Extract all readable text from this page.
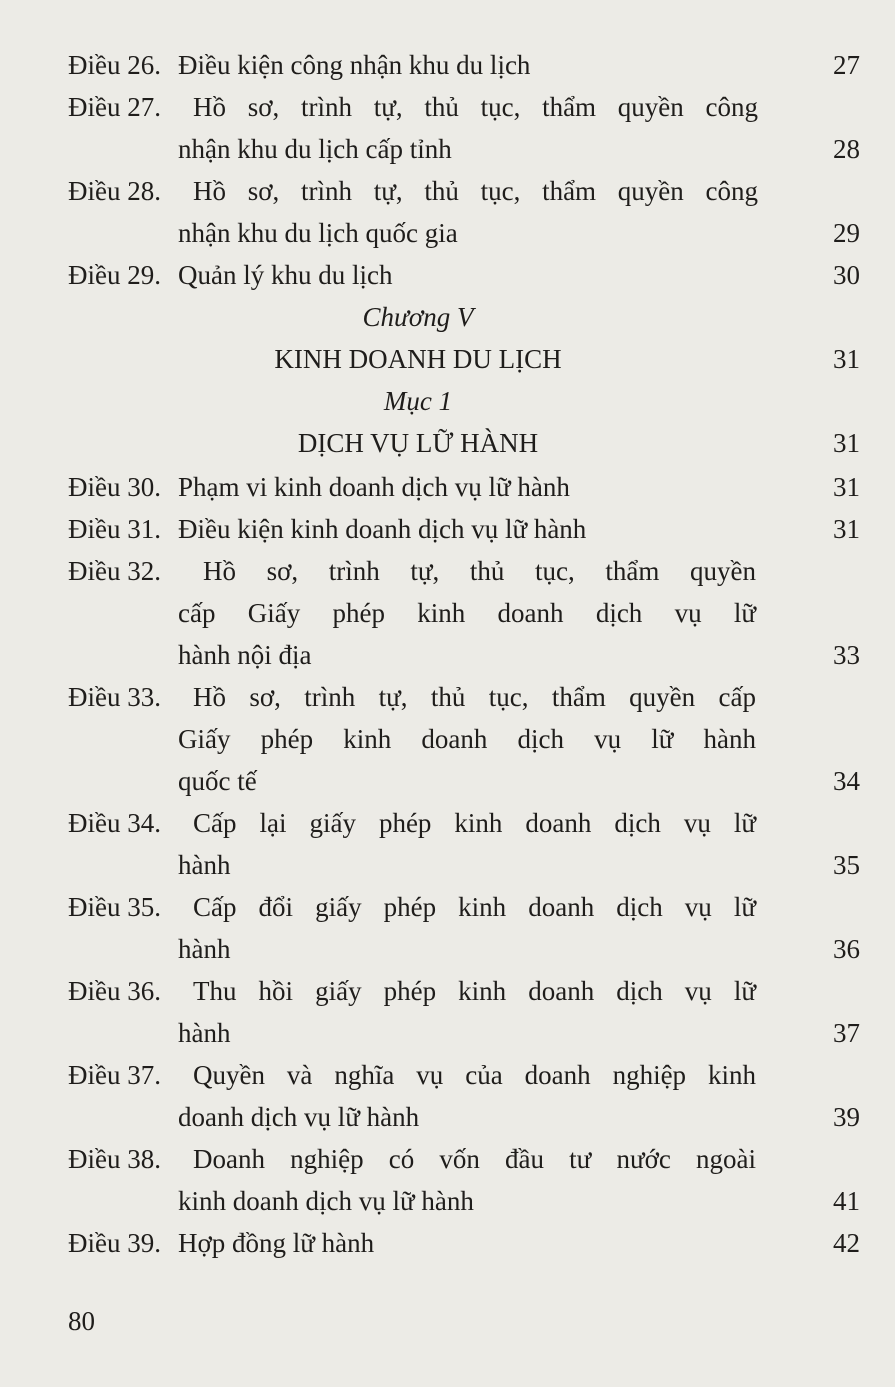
Điều 26. Điều kiện công nhận khu du lịch	27
Điều 27. Hồ sơ, trình tự, thủ tục, thẩm quyền công
nhận khu du lịch cấp tỉnh	28
Điều 28. Hồ sơ, trình tự, thủ tục, thẩm quyền công
nhận khu du lịch quốc gia	29
Điều 29. Quản lý khu du lịch	30
Chương V
KINH DOANH DU LỊCH	31
Mục 1
DỊCH VỤ LỮ HÀNH	31
Điều 30. Phạm vi kinh doanh dịch vụ lữ hành	31
Điều 31. Điều kiện kinh doanh dịch vụ lữ hành	31
Điều 32. Hồ sơ, trình tự, thủ tục, thẩm quyền
cấp Giấy phép kinh doanh dịch vụ lữ
hành nội địa	33
Điều 33. Hồ sơ, trình tự, thủ tục, thẩm quyền cấp
Giấy phép kinh doanh dịch vụ lữ hành
quốc tế	34
Điều 34. Cấp lại giấy phép kinh doanh dịch vụ lữ
hành	35
Điều 35. Cấp đổi giấy phép kinh doanh dịch vụ lữ
hành	36
Điều 36. Thu hồi giấy phép kinh doanh dịch vụ lữ
hành	37
Điều 37. Quyền và nghĩa vụ của doanh nghiệp kinh
doanh dịch vụ lữ hành	39
Điều 38. Doanh nghiệp có vốn đầu tư nước ngoài
kinh doanh dịch vụ lữ hành	41
Điều 39. Hợp đồng lữ hành	42
80
